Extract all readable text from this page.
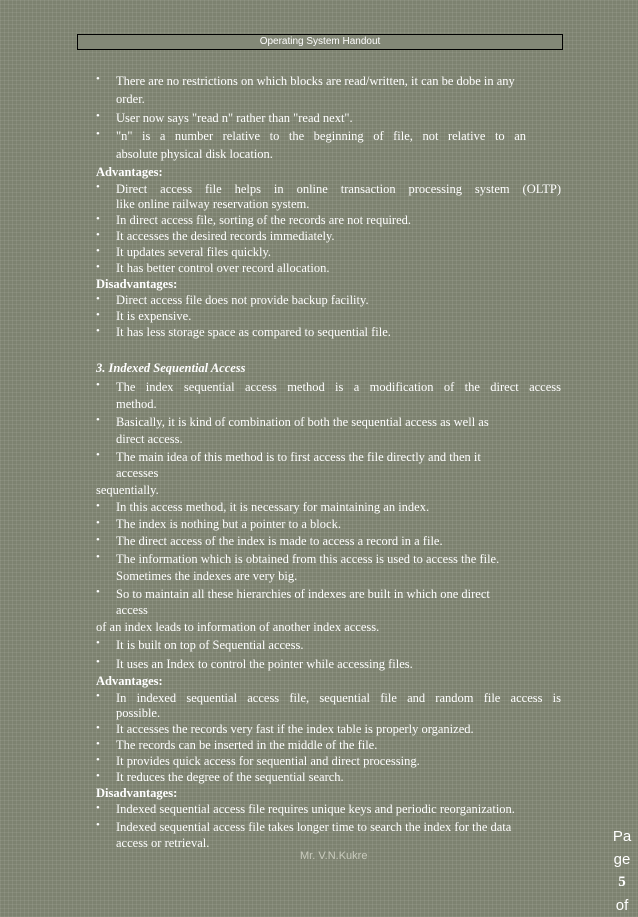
Operating System Handout
• There are no restrictions on which blocks are read/written, it can be dobe in any
order.
• User now says "read n" rather than "read next".
• "n" is a number relative to the beginning of file, not relative to an
absolute physical disk location.
Advantages:
• Direct access file helps in online transaction processing system (OLTP)
like online railway reservation system.
• In direct access file, sorting of the records are not required.
• It accesses the desired records immediately.
• It updates several files quickly.
• It has better control over record allocation.
Disadvantages:
• Direct access file does not provide backup facility.
• It is expensive.
• It has less storage space as compared to sequential file.
3. Indexed Sequential Access
• The index sequential access method is a modification of the direct access
method.
• Basically, it is kind of combination of both the sequential access as well as
direct access.
• The main idea of this method is to first access the file directly and then it
accesses
sequentially.
• In this access method, it is necessary for maintaining an index.
• The index is nothing but a pointer to a block.
• The direct access of the index is made to access a record in a file.
• The information which is obtained from this access is used to access the file.
Sometimes the indexes are very big.
• So to maintain all these hierarchies of indexes are built in which one direct
access
of an index leads to information of another index access.
• It is built on top of Sequential access.
• It uses an Index to control the pointer while accessing files.
Advantages:
• In indexed sequential access file, sequential file and random file access is
possible.
• It accesses the records very fast if the index table is properly organized.
• The records can be inserted in the middle of the file.
• It provides quick access for sequential and direct processing.
• It reduces the degree of the sequential search.
Disadvantages:
• Indexed sequential access file requires unique keys and periodic reorganization.
• Indexed sequential access file takes longer time to search the index for the data
access or retrieval.
Mr. V.N.Kukre
Pa
ge
5
of
